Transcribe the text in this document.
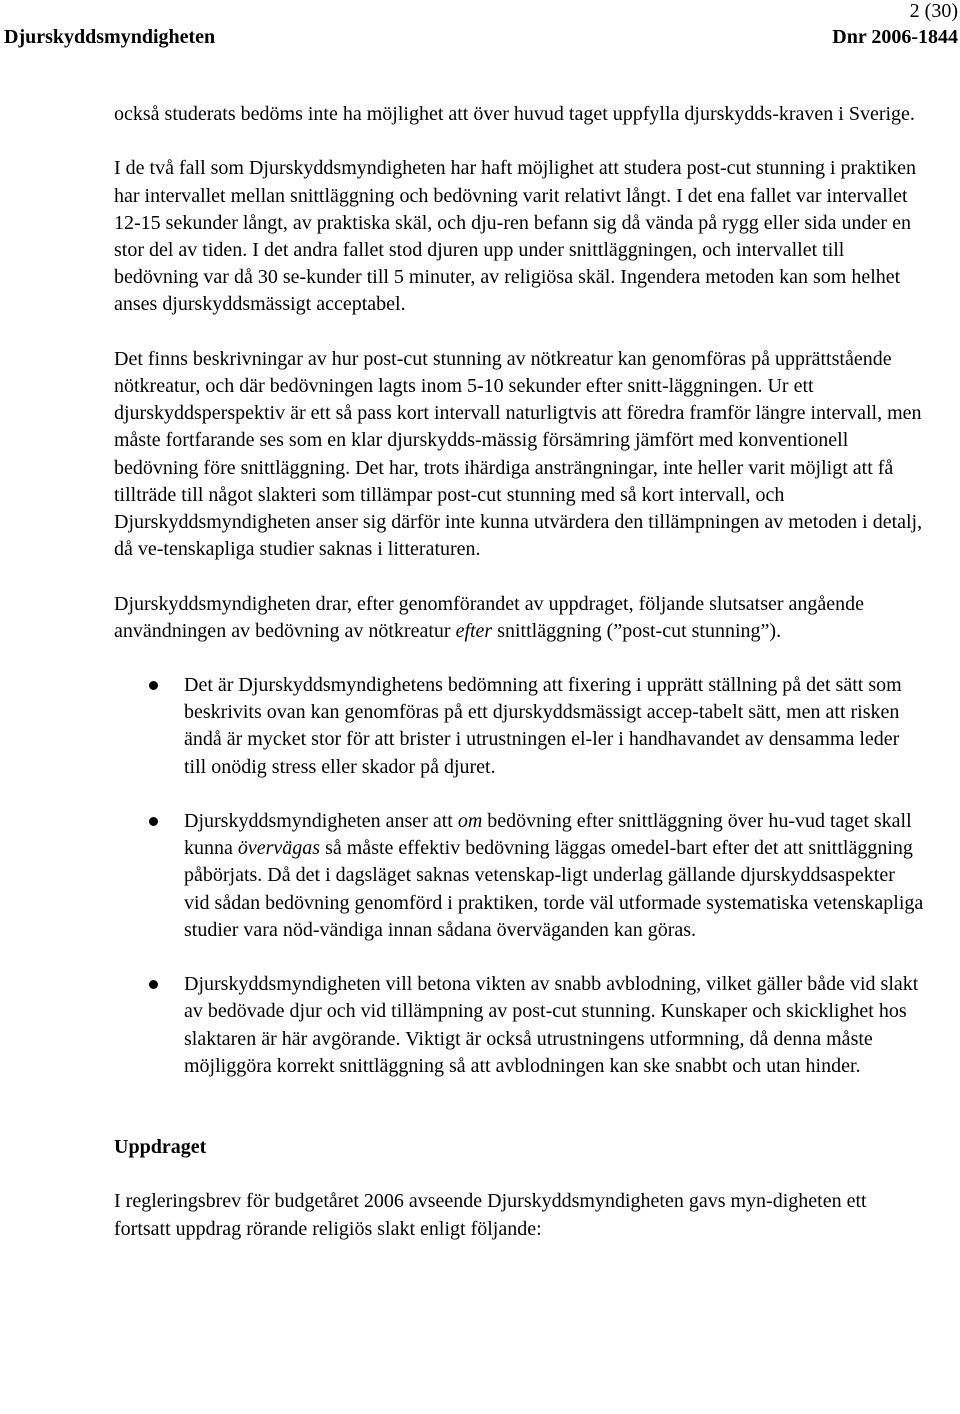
Djurskyddsmyndigheten
2 (30)
Dnr 2006-1844

också studerats bedöms inte ha möjlighet att över huvud taget uppfylla djurskydds-kraven i Sverige.

I de två fall som Djurskyddsmyndigheten har haft möjlighet att studera post-cut stunning i praktiken har intervallet mellan snittläggning och bedövning varit relativt långt. I det ena fallet var intervallet 12-15 sekunder långt, av praktiska skäl, och dju-ren befann sig då vända på rygg eller sida under en stor del av tiden. I det andra fallet stod djuren upp under snittläggningen, och intervallet till bedövning var då 30 se-kunder till 5 minuter, av religiösa skäl. Ingendera metoden kan som helhet anses djurskyddsmässigt acceptabel.

Det finns beskrivningar av hur post-cut stunning av nötkreatur kan genomföras på upprättstående nötkreatur, och där bedövningen lagts inom 5-10 sekunder efter snitt-läggningen. Ur ett djurskyddsperspektiv är ett så pass kort intervall naturligtvis att föredra framför längre intervall, men måste fortfarande ses som en klar djurskydds-mässig försämring jämfört med konventionell bedövning före snittläggning. Det har, trots ihärdiga ansträngningar, inte heller varit möjligt att få tillträde till något slakteri som tillämpar post-cut stunning med så kort intervall, och Djurskyddsmyndigheten anser sig därför inte kunna utvärdera den tillämpningen av metoden i detalj, då ve-tenskapliga studier saknas i litteraturen.

Djurskyddsmyndigheten drar, efter genomförandet av uppdraget, följande slutsatser angående användningen av bedövning av nötkreatur efter snittläggning (”post-cut stunning”).

Det är Djurskyddsmyndighetens bedömning att fixering i upprätt ställning på det sätt som beskrivits ovan kan genomföras på ett djurskyddsmässigt accep-tabelt sätt, men att risken ändå är mycket stor för att brister i utrustningen el-ler i handhavandet av densamma leder till onödig stress eller skador på djuret.
Djurskyddsmyndigheten anser att om bedövning efter snittläggning över hu-vud taget skall kunna övervägas så måste effektiv bedövning läggas omedel-bart efter det att snittläggning påbörjats. Då det i dagsläget saknas vetenskap-ligt underlag gällande djurskyddsaspekter vid sådan bedövning genomförd i praktiken, torde väl utformade systematiska vetenskapliga studier vara nöd-vändiga innan sådana överväganden kan göras.
Djurskyddsmyndigheten vill betona vikten av snabb avblodning, vilket gäller både vid slakt av bedövade djur och vid tillämpning av post-cut stunning. Kunskaper och skicklighet hos slaktaren är här avgörande. Viktigt är också utrustningens utformning, då denna måste möjliggöra korrekt snittläggning så att avblodningen kan ske snabbt och utan hinder.

Uppdraget

I regleringsbrev för budgetåret 2006 avseende Djurskyddsmyndigheten gavs myn-digheten ett fortsatt uppdrag rörande religiös slakt enligt följande:
